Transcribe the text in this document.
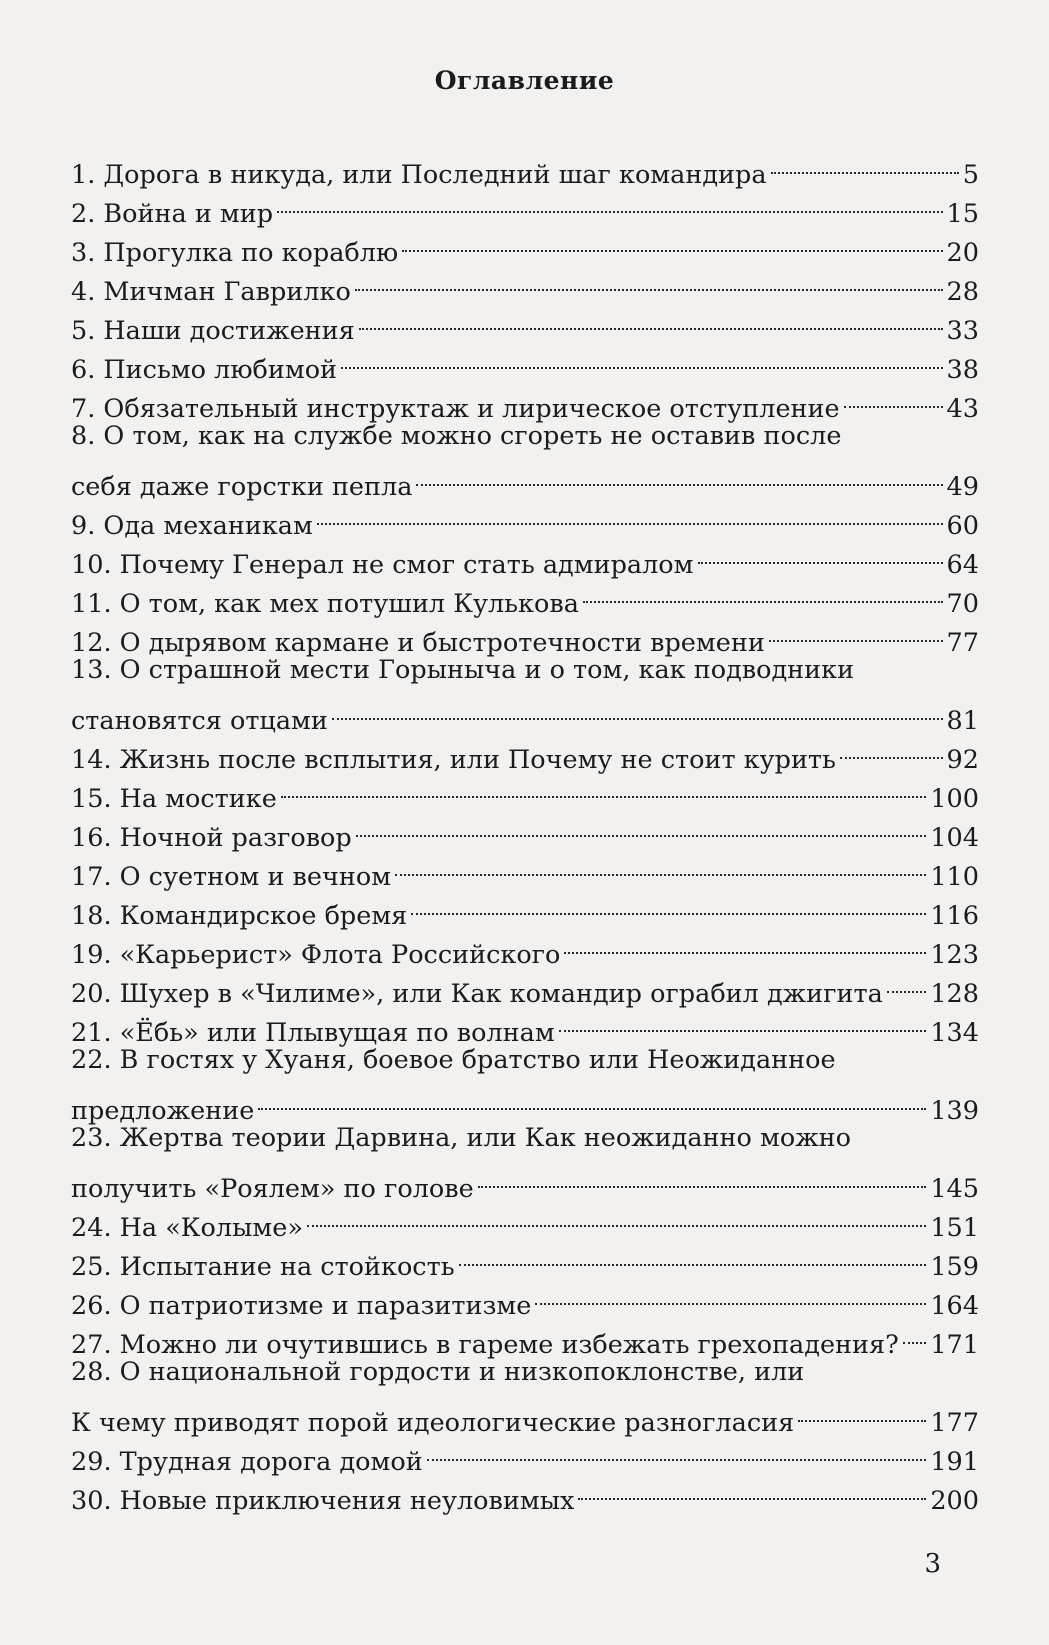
Оглавление
1. Дорога в никуда, или Последний шаг командира	5
2. Война и мир	15
3. Прогулка по кораблю	20
4. Мичман Гаврилко	28
5. Наши достижения	33
6. Письмо любимой	38
7. Обязательный инструктаж и лирическое отступление	43
8. О том, как на службе можно сгореть не оставив после
себя даже горстки пепла	49
9. Ода механикам	60
10. Почему Генерал не смог стать адмиралом	64
11. О том, как мех потушил Кулькова	70
12. О дырявом кармане и быстротечности времени	77
13. О страшной мести Горыныча и о том, как подводники
становятся отцами	81
14. Жизнь после всплытия, или Почему не стоит курить	92
15. На мостике	100
16. Ночной разговор	104
17. О суетном и вечном	110
18. Командирское бремя	116
19. «Карьерист» Флота Российского	123
20. Шухер в «Чилиме», или Как командир ограбил джигита 128
21. «Ёбь» или Плывущая по волнам	134
22. В гостях у Хуаня, боевое братство или Неожиданное
предложение	139
23. Жертва теории Дарвина, или Как неожиданно можно
получить «Роялем» по голове	145
24. На «Колыме»	151
25. Испытание на стойкость	159
26. О патриотизме и паразитизме	164
27. Можно ли очутившись в гареме избежать грехопадения? 171
28. О национальной гордости и низкопоклонстве, или
К чему приводят порой идеологические разногласия	177
29. Трудная дорога домой	191
30. Новые приключения неуловимых	200
3
